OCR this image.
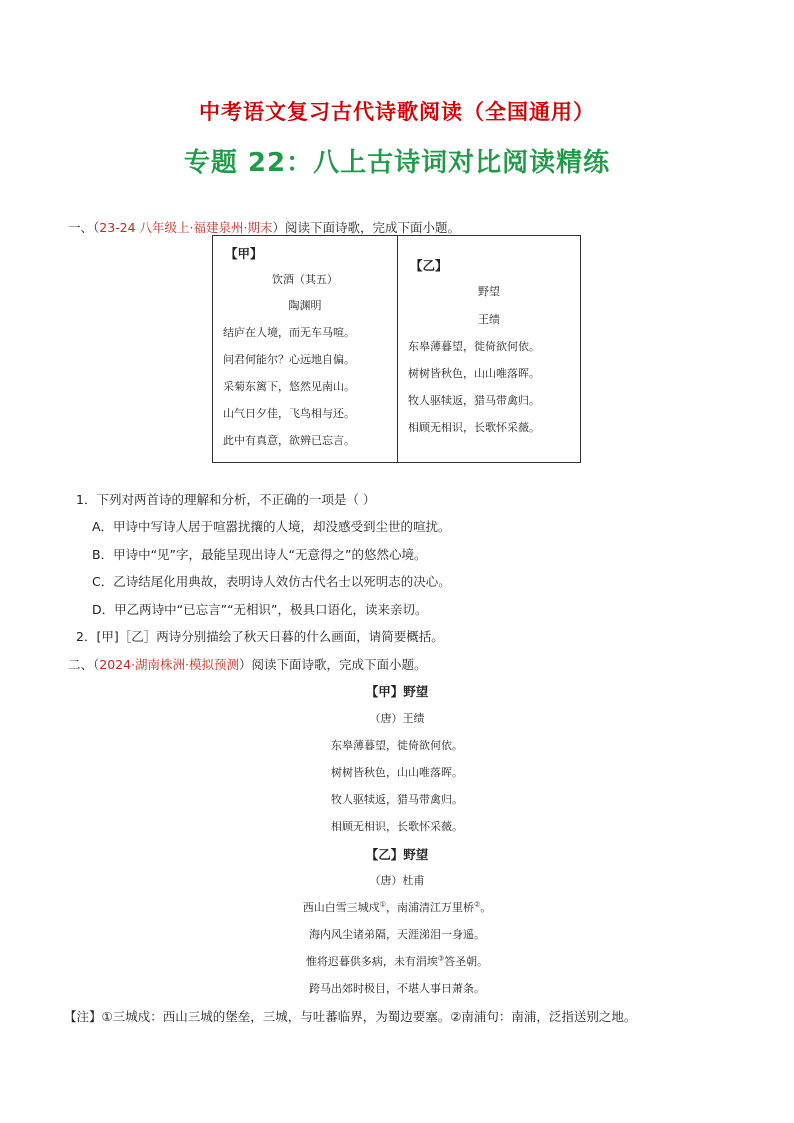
中考语文复习古代诗歌阅读（全国通用）
专题 22：八上古诗词对比阅读精练
一、（23-24 八年级上·福建泉州·期末）阅读下面诗歌，完成下面小题。
【甲】
饮酒（其五）
陶渊明
结庐在人境，而无车马喧。
问君何能尔？心远地自偏。
采菊东篱下，悠然见南山。
山气日夕佳，飞鸟相与还。
此中有真意，欲辨已忘言。
【乙】
野望
王绩
东皋薄暮望，徙倚欲何依。
树树皆秋色，山山唯落晖。
牧人驱犊返，猎马带禽归。
相顾无相识，长歌怀采薇。
1．下列对两首诗的理解和分析，不正确的一项是（ ）
A．甲诗中写诗人居于喧嚣扰攘的人境，却没感受到尘世的喧扰。
B．甲诗中“见”字，最能呈现出诗人“无意得之”的悠然心境。
C．乙诗结尾化用典故，表明诗人效仿古代名士以死明志的决心。
D．甲乙两诗中“已忘言”“无相识”，极具口语化，读来亲切。
2．[甲]［乙］两诗分别描绘了秋天日暮的什么画面，请简要概括。
二、（2024·湖南株洲·模拟预测）阅读下面诗歌，完成下面小题。
【甲】野望
（唐）王绩
东皋薄暮望，徙倚欲何依。
树树皆秋色，山山唯落晖。
牧人驱犊返，猎马带禽归。
相顾无相识，长歌怀采薇。
【乙】野望
（唐）杜甫
西山白雪三城戍①，南浦清江万里桥②。
海内风尘诸弟隔，天涯涕泪一身遥。
惟将迟暮供多病，未有涓埃③答圣朝。
跨马出郊时极目，不堪人事日萧条。
【注】①三城戍：西山三城的堡垒，三城，与吐蕃临界，为蜀边要塞。②南浦句：南浦，泛指送别之地。
